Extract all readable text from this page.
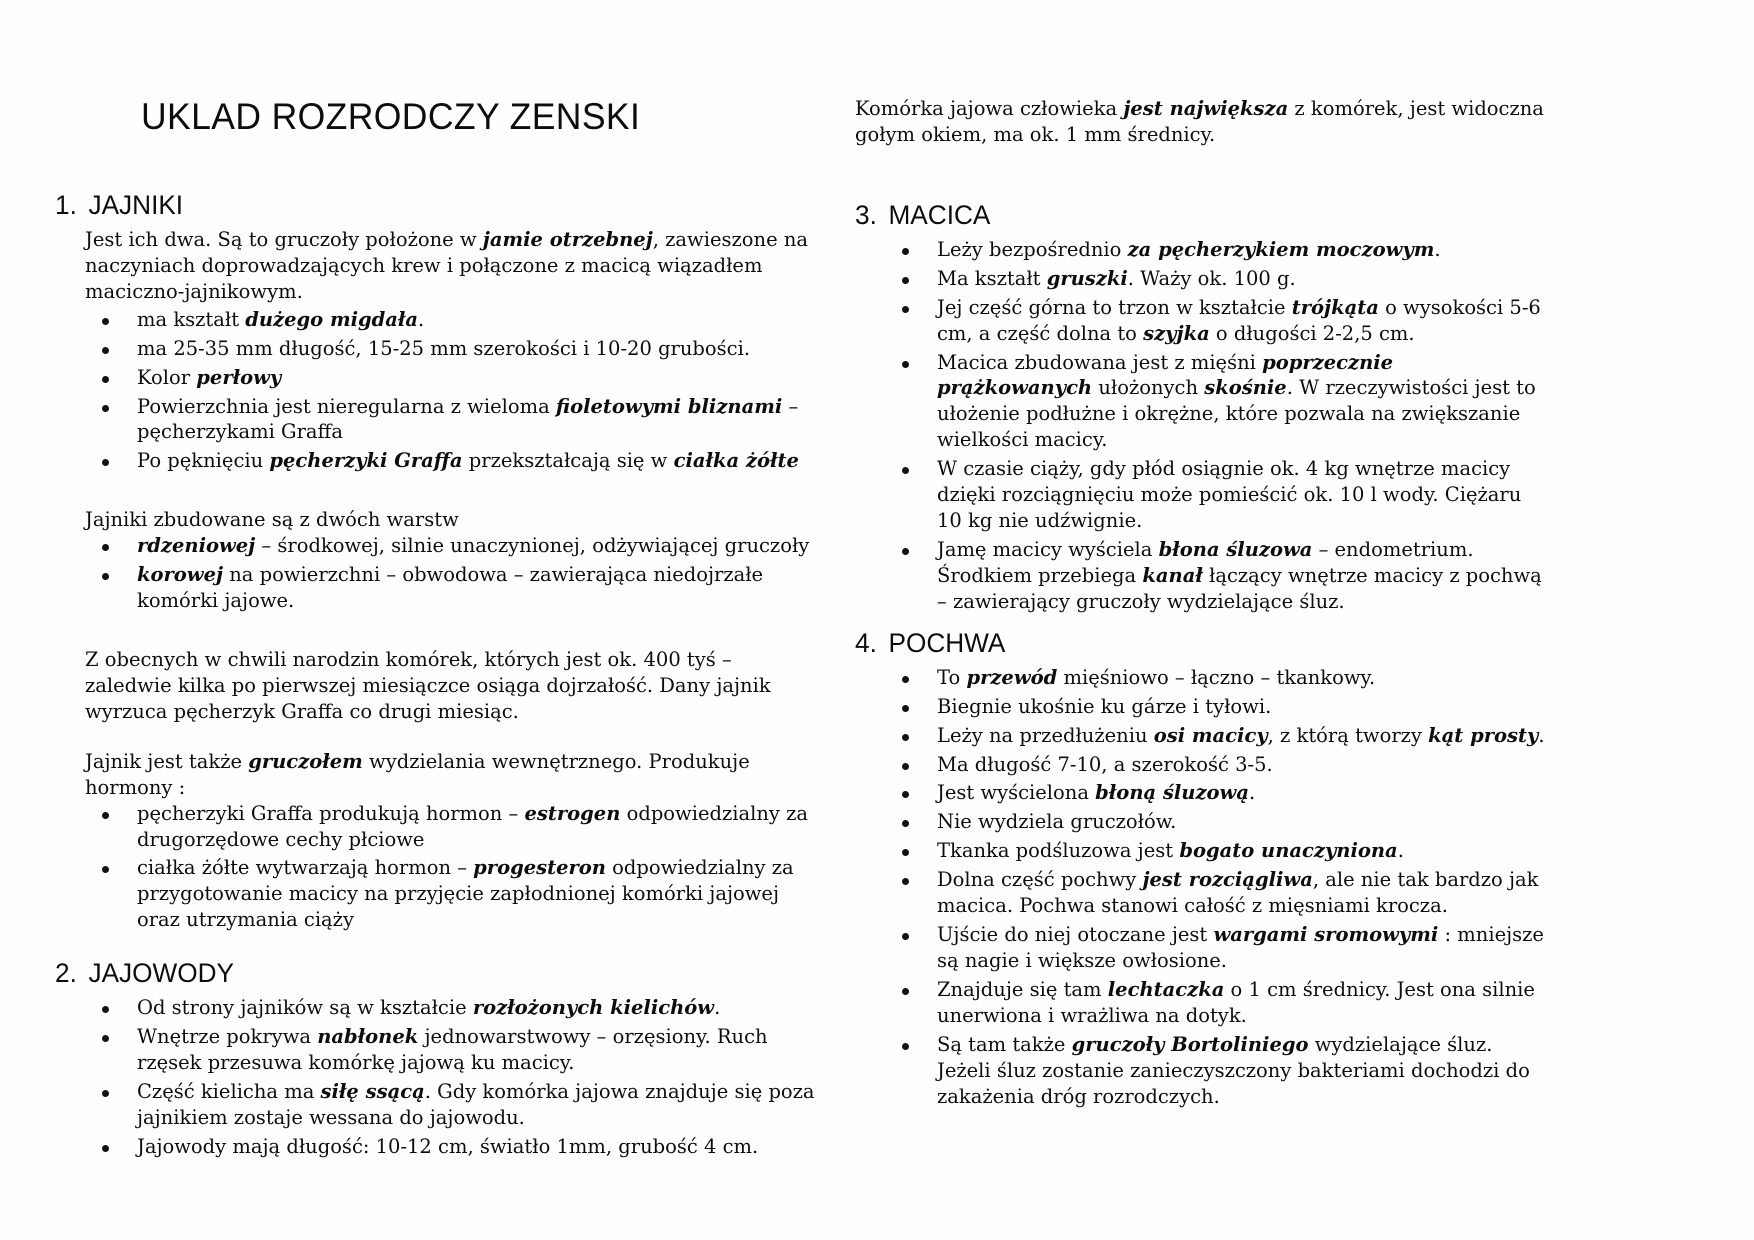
UKLAD ROZRODCZY ZENSKI
1. JAJNIKI

Jest ich dwa. Są to gruczoły położone w jamie otrzebnej, zawieszone na naczyniach doprowadzających krew i połączone z macicą wiązadłem maciczno-jajnikowym.

ma kształt dużego migdała.
ma 25-35 mm długość, 15-25 mm szerokości i 10-20 grubości.
Kolor perłowy
Powierzchnia jest nieregularna z wieloma fioletowymi bliznami – pęcherzykami Graffa
Po pęknięciu pęcherzyki Graffa przekształcają się w ciałka żółte

Jajniki zbudowane są z dwóch warstw

rdzeniowej – środkowej, silnie unaczynionej, odżywiającej gruczoły
korowej na powierzchni – obwodowa – zawierająca niedojrzałe komórki jajowe.

Z obecnych w chwili narodzin komórek, których jest ok. 400 tyś – zaledwie kilka po pierwszej miesiączce osiąga dojrzałość. Dany jajnik wyrzuca pęcherzyk Graffa co drugi miesiąc.

Jajnik jest także gruczołem wydzielania wewnętrznego. Produkuje hormony :

pęcherzyki Graffa produkują hormon – estrogen odpowiedzialny za drugorzędowe cechy płciowe
ciałka żółte wytwarzają hormon – progesteron odpowiedzialny za przygotowanie macicy na przyjęcie zapłodnionej komórki jajowej oraz utrzymania ciąży
2. JAJOWODY
Od strony jajników są w kształcie rozłożonych kielichów.
Wnętrze pokrywa nabłonek jednowarstwowy – orzęsiony. Ruch rzęsek przesuwa komórkę jajową ku macicy.
Część kielicha ma siłę ssącą. Gdy komórka jajowa znajduje się poza jajnikiem zostaje wessana do jajowodu.
Jajowody mają długość: 10-12 cm, światło 1mm, grubość 4 cm.

Komórka jajowa człowieka jest największa z komórek, jest widoczna gołym okiem, ma ok. 1 mm średnicy.

3. MACICA
Leży bezpośrednio za pęcherzykiem moczowym.
Ma kształt gruszki. Waży ok. 100 g.
Jej część górna to trzon w kształcie trójkąta o wysokości 5-6 cm, a część dolna to szyjka o długości 2-2,5 cm.
Macica zbudowana jest z mięśni poprzecznie prążkowanych ułożonych skośnie. W rzeczywistości jest to ułożenie podłużne i okrężne, które pozwala na zwiększanie wielkości macicy.
W czasie ciąży, gdy płód osiągnie ok. 4 kg wnętrze macicy dzięki rozciągnięciu może pomieścić ok. 10 l wody. Ciężaru 10 kg nie udźwignie.
Jamę macicy wyściela błona śluzowa – endometrium. Środkiem przebiega kanał łączący wnętrze macicy z pochwą – zawierający gruczoły wydzielające śluz.
4. POCHWA
To przewód mięśniowo – łączno – tkankowy.
Biegnie ukośnie ku gárze i tyłowi.
Leży na przedłużeniu osi macicy, z którą tworzy kąt prosty.
Ma długość 7-10, a szerokość 3-5.
Jest wyścielona błoną śluzową.
Nie wydziela gruczołów.
Tkanka podśluzowa jest bogato unaczyniona.
Dolna część pochwy jest rozciągliwa, ale nie tak bardzo jak macica. Pochwa stanowi całość z mięsniami krocza.
Ujście do niej otoczane jest wargami sromowymi : mniejsze są nagie i większe owłosione.
Znajduje się tam lechtaczka o 1 cm średnicy. Jest ona silnie unerwiona i wrażliwa na dotyk.
Są tam także gruczoły Bortoliniego wydzielające śluz. Jeżeli śluz zostanie zanieczyszczony bakteriami dochodzi do zakażenia dróg rozrodczych.
